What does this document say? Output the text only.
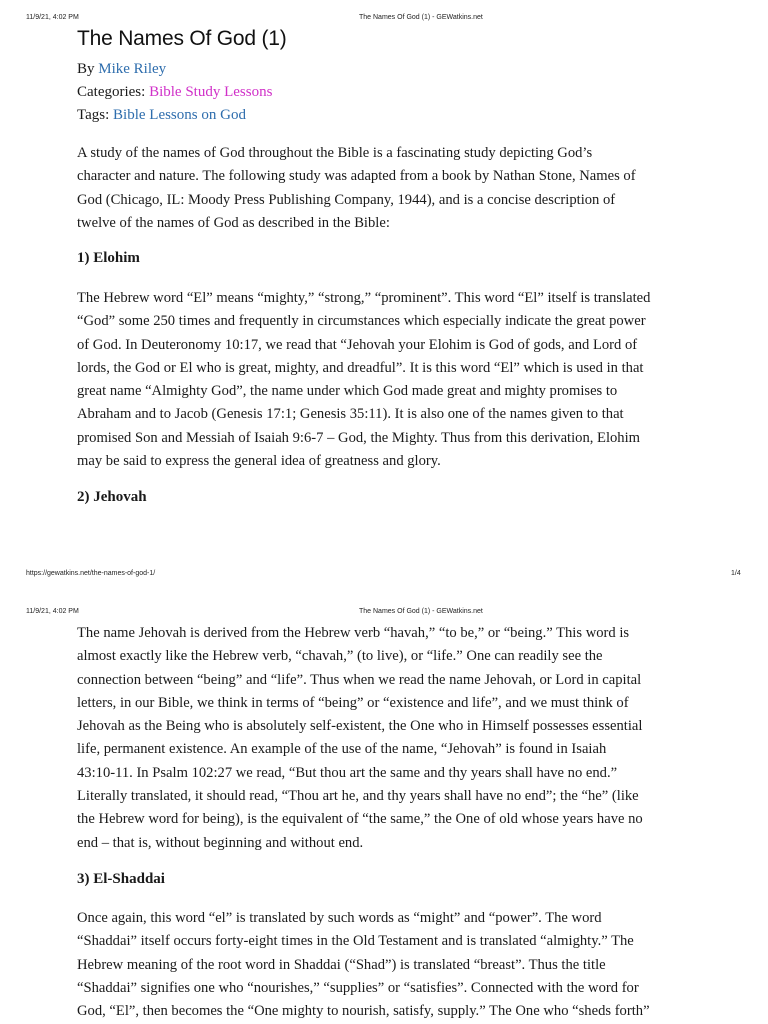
11/9/21, 4:02 PM	The Names Of God (1) - GEWatkins.net
The Names Of God (1)
By Mike Riley
Categories: Bible Study Lessons
Tags: Bible Lessons on God
A study of the names of God throughout the Bible is a fascinating study depicting God’s
character and nature. The following study was adapted from a book by Nathan Stone, Names of
God (Chicago, IL: Moody Press Publishing Company, 1944), and is a concise description of
twelve of the names of God as described in the Bible:
1) Elohim
The Hebrew word “El” means “mighty,” “strong,” “prominent”. This word “El” itself is translated
“God” some 250 times and frequently in circumstances which especially indicate the great power
of God. In Deuteronomy 10:17, we read that “Jehovah your Elohim is God of gods, and Lord of
lords, the God or El who is great, mighty, and dreadful”. It is this word “El” which is used in that
great name “Almighty God”, the name under which God made great and mighty promises to
Abraham and to Jacob (Genesis 17:1; Genesis 35:11). It is also one of the names given to that
promised Son and Messiah of Isaiah 9:6-7 – God, the Mighty. Thus from this derivation, Elohim
may be said to express the general idea of greatness and glory.
2) Jehovah
https://gewatkins.net/the-names-of-god-1/	1/4
11/9/21, 4:02 PM	The Names Of God (1) - GEWatkins.net
The name Jehovah is derived from the Hebrew verb “havah,” “to be,” or “being.” This word is
almost exactly like the Hebrew verb, “chavah,” (to live), or “life.” One can readily see the
connection between “being” and “life”. Thus when we read the name Jehovah, or Lord in capital
letters, in our Bible, we think in terms of “being” or “existence and life”, and we must think of
Jehovah as the Being who is absolutely self-existent, the One who in Himself possesses essential
life, permanent existence. An example of the use of the name, “Jehovah” is found in Isaiah
43:10-11. In Psalm 102:27 we read, “But thou art the same and thy years shall have no end.”
Literally translated, it should read, “Thou art he, and thy years shall have no end”; the “he” (like
the Hebrew word for being), is the equivalent of “the same,” the One of old whose years have no
end – that is, without beginning and without end.
3) El-Shaddai
Once again, this word “el” is translated by such words as “might” and “power”. The word
“Shaddai” itself occurs forty-eight times in the Old Testament and is translated “almighty.” The
Hebrew meaning of the root word in Shaddai (“Shad”) is translated “breast”. Thus the title
“Shaddai” signifies one who “nourishes,” “supplies” or “satisfies”. Connected with the word for
God, “El”, then becomes the “One mighty to nourish, satisfy, supply.” The One who “sheds forth”
